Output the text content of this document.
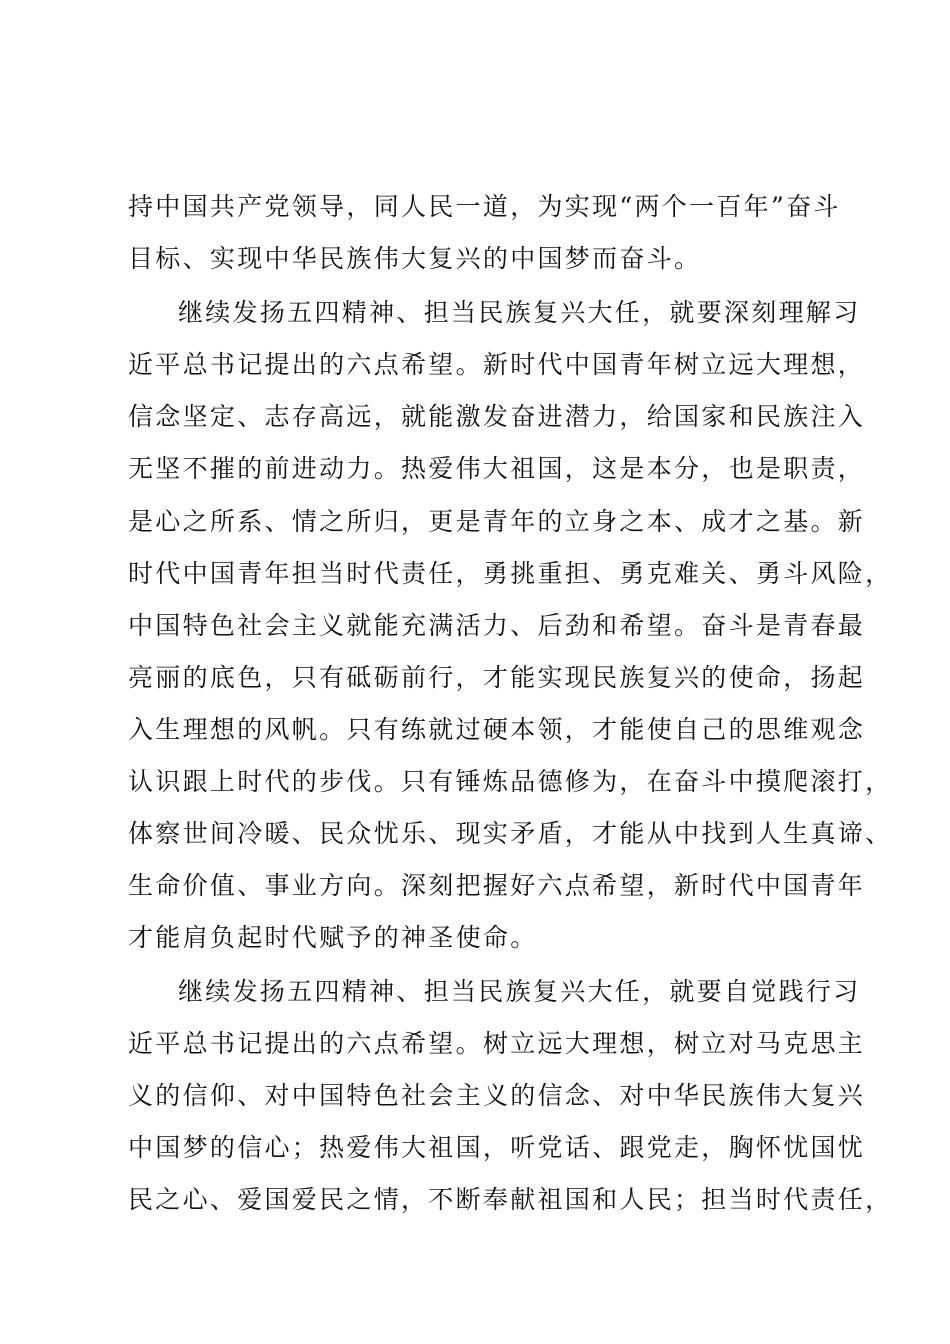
持中国共产党领导，同人民一道，为实现“两个一百年”奋斗
目标、实现中华民族伟大复兴的中国梦而奋斗。
继续发扬五四精神、担当民族复兴大任，就要深刻理解习
近平总书记提出的六点希望。新时代中国青年树立远大理想，
信念坚定、志存高远，就能激发奋进潜力，给国家和民族注入
无坚不摧的前进动力。热爱伟大祖国，这是本分，也是职责，
是心之所系、情之所归，更是青年的立身之本、成才之基。新
时代中国青年担当时代责任，勇挑重担、勇克难关、勇斗风险，
中国特色社会主义就能充满活力、后劲和希望。奋斗是青春最
亮丽的底色，只有砥砺前行，才能实现民族复兴的使命，扬起
入生理想的风帆。只有练就过硬本领，才能使自己的思维观念
认识跟上时代的步伐。只有锤炼品德修为，在奋斗中摸爬滚打，
体察世间冷暖、民众忧乐、现实矛盾，才能从中找到人生真谛、
生命价值、事业方向。深刻把握好六点希望，新时代中国青年
才能肩负起时代赋予的神圣使命。
继续发扬五四精神、担当民族复兴大任，就要自觉践行习
近平总书记提出的六点希望。树立远大理想，树立对马克思主
义的信仰、对中国特色社会主义的信念、对中华民族伟大复兴
中国梦的信心；热爱伟大祖国，听党话、跟党走，胸怀忧国忧
民之心、爱国爱民之情，不断奉献祖国和人民；担当时代责任，
